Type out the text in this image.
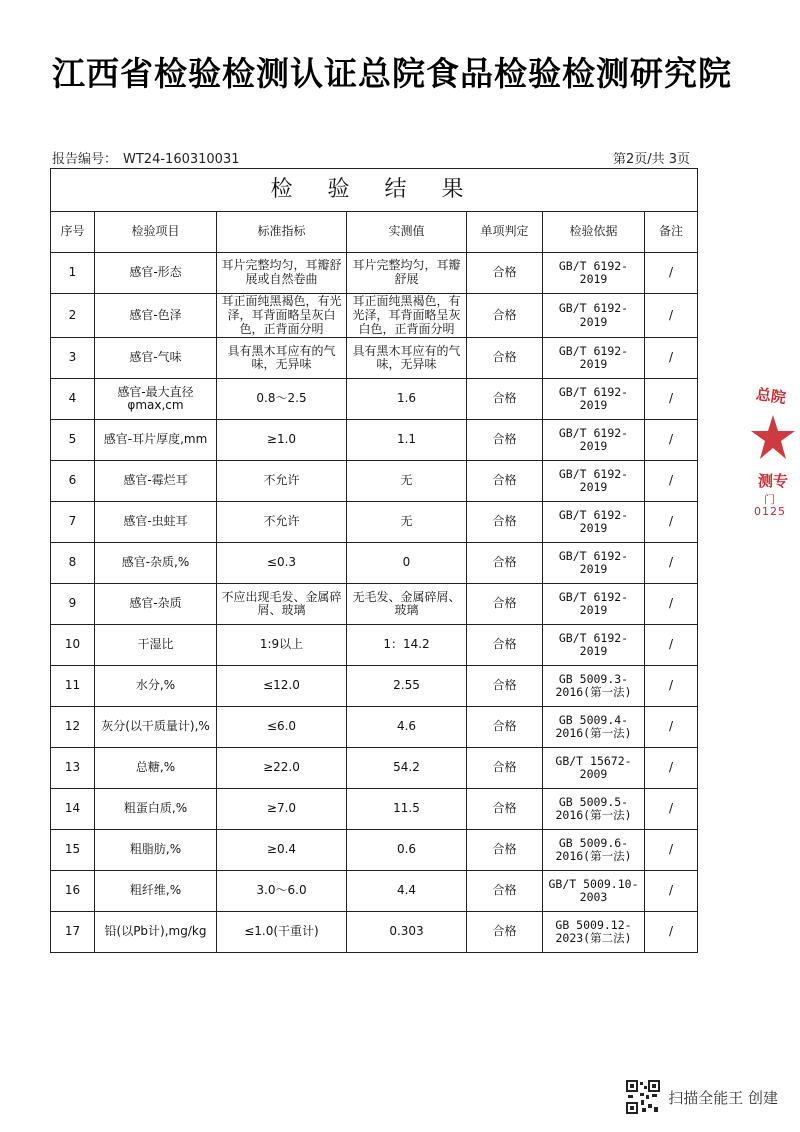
江西省检验检测认证总院食品检验检测研究院
报告编号： WT24-160310031	第2页/共 3页
检 验 结 果						
序号	检验项目	标准指标	实测值	单项判定	检验依据	备注
1	感官-形态	耳片完整均匀，耳瓣舒展或自然卷曲	耳片完整均匀，耳瓣舒展	合格	GB/T 6192-2019	/
2	感官-色泽	耳正面纯黑褐色，有光泽，耳背面略呈灰白色，正背面分明	耳正面纯黑褐色，有光泽，耳背面略呈灰白色，正背面分明	合格	GB/T 6192-2019	/
3	感官-气味	具有黑木耳应有的气味，无异味	具有黑木耳应有的气味，无异味	合格	GB/T 6192-2019	/
4	感官-最大直径φmax,cm	0.8～2.5	1.6	合格	GB/T 6192-2019	/
5	感官-耳片厚度,mm	≥1.0	1.1	合格	GB/T 6192-2019	/
6	感官-霉烂耳	不允许	无	合格	GB/T 6192-2019	/
7	感官-虫蛀耳	不允许	无	合格	GB/T 6192-2019	/
8	感官-杂质,%	≤0.3	0	合格	GB/T 6192-2019	/
9	感官-杂质	不应出现毛发、金属碎屑、玻璃	无毛发、金属碎屑、玻璃	合格	GB/T 6192-2019	/
10	干湿比	1:9以上	1：14.2	合格	GB/T 6192-2019	/
11	水分,%	≤12.0	2.55	合格	GB 5009.3-2016(第一法)	/
12	灰分(以干质量计),%	≤6.0	4.6	合格	GB 5009.4-2016(第一法)	/
13	总糖,%	≥22.0	54.2	合格	GB/T 15672-2009	/
14	粗蛋白质,%	≥7.0	11.5	合格	GB 5009.5-2016(第一法)	/
15	粗脂肪,%	≥0.4	0.6	合格	GB 5009.6-2016(第一法)	/
16	粗纤维,%	3.0～6.0	4.4	合格	GB/T 5009.10-2003	/
17	铅(以Pb计),mg/kg	≤1.0(干重计)	0.303	合格	GB 5009.12-2023(第二法)	/
总院
测专
门
0125
扫描全能王 创建
